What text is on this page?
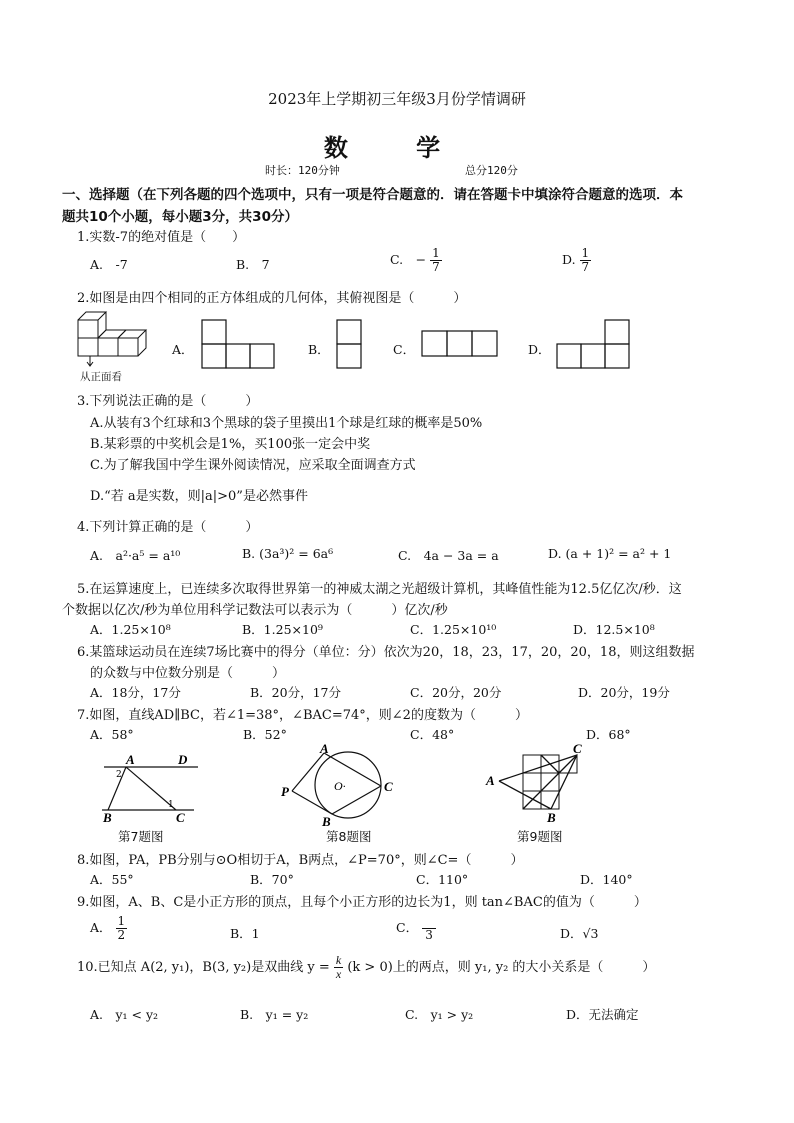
2023年上学期初三年级3月份学情调研
数 学
时长：120分钟	总分120分
一、选择题（在下列各题的四个选项中，只有一项是符合题意的．请在答题卡中填涂符合题意的选项．本
题共10个小题，每小题3分，共30分）
1.实数-7的绝对值是（　　）
A.　-7	B.　7	C.　− $\frac{1}{7}$	D. $\frac{1}{7}$
2.如图是由四个相同的正方体组成的几何体，其俯视图是（　　　）
从正面看
A．	B．	C．	D．
3.下列说法正确的是（　　　）
A.从装有3个红球和3个黑球的袋子里摸出1个球是红球的概率是50%
B.某彩票的中奖机会是1%，买100张一定会中奖
C.为了解我国中学生课外阅读情况，应采取全面调查方式
D.“若 a是实数，则|a|>0”是必然事件
4.下列计算正确的是（　　　）
A.　a²·a⁵ = a¹⁰	B. (3a³)² = 6a⁶	C.　4a − 3a = a	D. (a + 1)² = a² + 1
5.在运算速度上，已连续多次取得世界第一的神威太湖之光超级计算机，其峰值性能为12.5亿亿次/秒．这
个数据以亿次/秒为单位用科学记数法可以表示为（　　　）亿次/秒
A．1.25×10⁸	B．1.25×10⁹	C．1.25×10¹⁰	D．12.5×10⁸
6.某篮球运动员在连续7场比赛中的得分（单位：分）依次为20，18，23，17，20，20，18，则这组数据
的众数与中位数分别是（　　　）
A．18分，17分	B．20分，17分	C．20分，20分	D．20分，19分
7.如图，直线AD∥BC，若∠1=38°，∠BAC=74°，则∠2的度数为（　　　）
A．58°	B．52°	C．48°	D．68°
A	D
B	C
1
2
第7题图
A
O·
P	C
B
第8题图
A
B
C
第9题图
8.如图，PA，PB分别与⊙O相切于A，B两点，∠P=70°，则∠C=（　　　）
A．55°	B．70°	C．110°	D．140°
9.如图，A、B、C是小正方形的顶点，且每个小正方形的边长为1，则 tan∠BAC的值为（　　　）
A． $\frac{1}{2}$	B．1	C．
3	D．√3
10.已知点 A(2, y₁)，B(3, y₂)是双曲线 $y = \frac{k}{x} (k > 0)$上的两点，则 y₁, y₂ 的大小关系是（　　　）
A.　y₁ < y₂	B.　y₁ = y₂	C.　y₁ > y₂	D．无法确定
